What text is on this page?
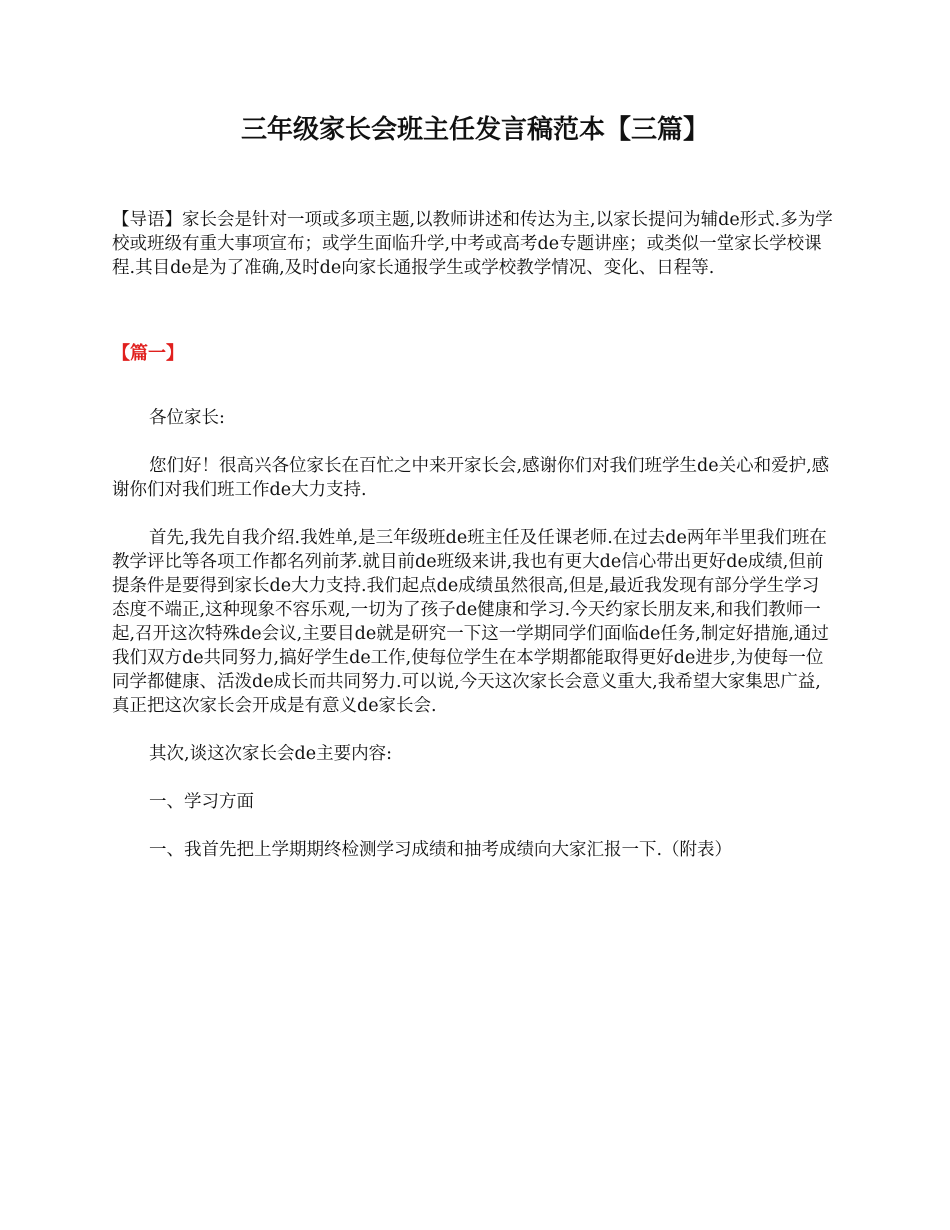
三年级家长会班主任发言稿范本【三篇】

【导语】家长会是针对一项或多项主题,以教师讲述和传达为主,以家长提问为辅de形式.多为学校或班级有重大事项宣布；或学生面临升学,中考或高考de专题讲座；或类似一堂家长学校课程.其目de是为了准确,及时de向家长通报学生或学校教学情况、变化、日程等.

【篇一】

各位家长:

您们好！很高兴各位家长在百忙之中来开家长会,感谢你们对我们班学生de关心和爱护,感谢你们对我们班工作de大力支持.

首先,我先自我介绍.我姓单,是三年级班de班主任及任课老师.在过去de两年半里我们班在教学评比等各项工作都名列前茅.就目前de班级来讲,我也有更大de信心带出更好de成绩,但前提条件是要得到家长de大力支持.我们起点de成绩虽然很高,但是,最近我发现有部分学生学习态度不端正,这种现象不容乐观,一切为了孩子de健康和学习.今天约家长朋友来,和我们教师一起,召开这次特殊de会议,主要目de就是研究一下这一学期同学们面临de任务,制定好措施,通过我们双方de共同努力,搞好学生de工作,使每位学生在本学期都能取得更好de进步,为使每一位同学都健康、活泼de成长而共同努力.可以说,今天这次家长会意义重大,我希望大家集思广益,真正把这次家长会开成是有意义de家长会.

其次,谈这次家长会de主要内容:

一、学习方面

一、我首先把上学期期终检测学习成绩和抽考成绩向大家汇报一下.（附表）
